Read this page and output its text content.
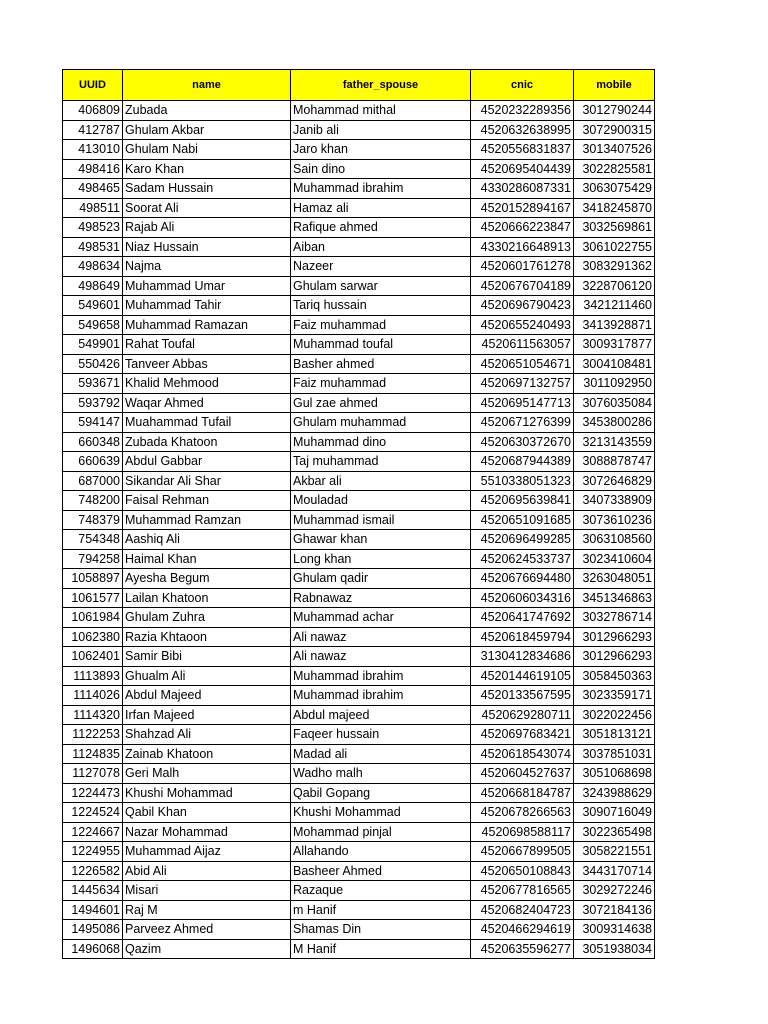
UUID	name	father_spouse	cnic	mobile
406809	Zubada	Mohammad mithal	4520232289356	3012790244
412787	Ghulam Akbar	Janib ali	4520632638995	3072900315
413010	Ghulam Nabi	Jaro khan	4520556831837	3013407526
498416	Karo Khan	Sain dino	4520695404439	3022825581
498465	Sadam Hussain	Muhammad ibrahim	4330286087331	3063075429
498511	Soorat Ali	Hamaz ali	4520152894167	3418245870
498523	Rajab Ali	Rafique ahmed	4520666223847	3032569861
498531	Niaz Hussain	Aiban	4330216648913	3061022755
498634	Najma	Nazeer	4520601761278	3083291362
498649	Muhammad Umar	Ghulam sarwar	4520676704189	3228706120
549601	Muhammad Tahir	Tariq hussain	4520696790423	3421211460
549658	Muhammad Ramazan	Faiz muhammad	4520655240493	3413928871
549901	Rahat Toufal	Muhammad toufal	4520611563057	3009317877
550426	Tanveer Abbas	Basher ahmed	4520651054671	3004108481
593671	Khalid Mehmood	Faiz muhammad	4520697132757	3011092950
593792	Waqar Ahmed	Gul zae ahmed	4520695147713	3076035084
594147	Muahammad Tufail	Ghulam muhammad	4520671276399	3453800286
660348	Zubada Khatoon	Muhammad dino	4520630372670	3213143559
660639	Abdul Gabbar	Taj muhammad	4520687944389	3088878747
687000	Sikandar Ali Shar	Akbar ali	5510338051323	3072646829
748200	Faisal Rehman	Mouladad	4520695639841	3407338909
748379	Muhammad Ramzan	Muhammad ismail	4520651091685	3073610236
754348	Aashiq Ali	Ghawar khan	4520696499285	3063108560
794258	Haimal Khan	Long khan	4520624533737	3023410604
1058897	Ayesha Begum	Ghulam qadir	4520676694480	3263048051
1061577	Lailan Khatoon	Rabnawaz	4520606034316	3451346863
1061984	Ghulam Zuhra	Muhammad achar	4520641747692	3032786714
1062380	Razia Khtaoon	Ali nawaz	4520618459794	3012966293
1062401	Samir Bibi	Ali nawaz	3130412834686	3012966293
1113893	Ghualm Ali	Muhammad ibrahim	4520144619105	3058450363
1114026	Abdul Majeed	Muhammad ibrahim	4520133567595	3023359171
1114320	Irfan Majeed	Abdul majeed	4520629280711	3022022456
1122253	Shahzad Ali	Faqeer hussain	4520697683421	3051813121
1124835	Zainab Khatoon	Madad ali	4520618543074	3037851031
1127078	Geri Malh	Wadho malh	4520604527637	3051068698
1224473	Khushi Mohammad	Qabil Gopang	4520668184787	3243988629
1224524	Qabil Khan	Khushi Mohammad	4520678266563	3090716049
1224667	Nazar Mohammad	Mohammad pinjal	4520698588117	3022365498
1224955	Muhammad Aijaz	Allahando	4520667899505	3058221551
1226582	Abid Ali	Basheer Ahmed	4520650108843	3443170714
1445634	Misari	Razaque	4520677816565	3029272246
1494601	Raj M	m Hanif	4520682404723	3072184136
1495086	Parveez Ahmed	Shamas Din	4520466294619	3009314638
1496068	Qazim	M Hanif	4520635596277	3051938034
